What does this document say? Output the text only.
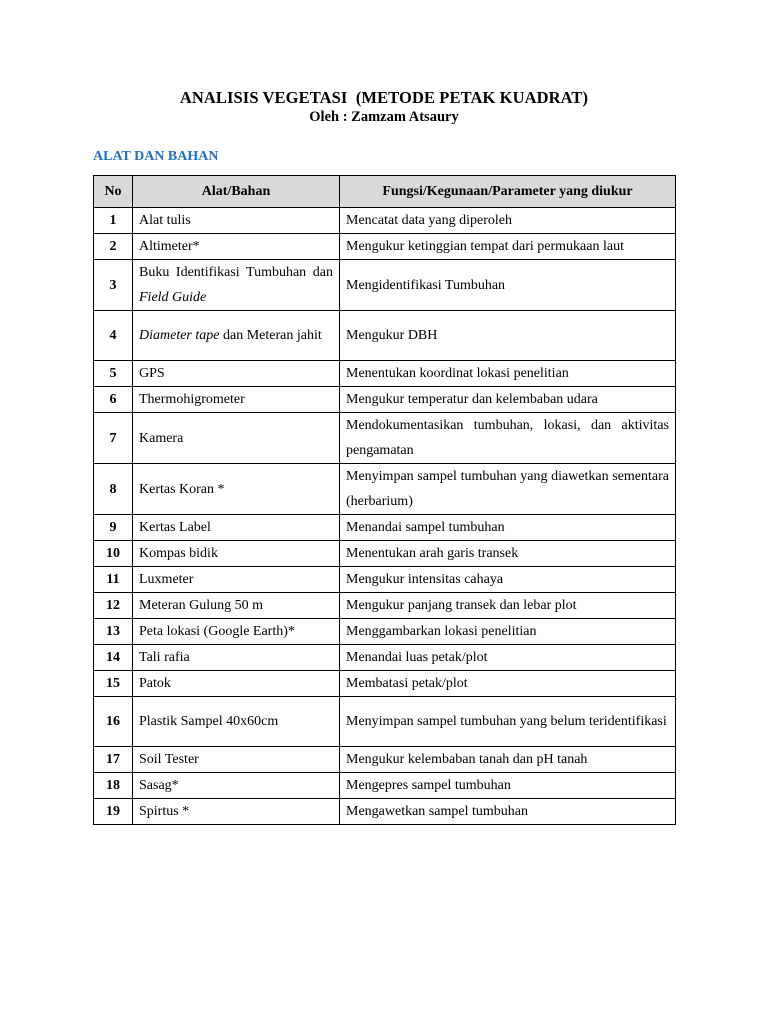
ANALISIS VEGETASI  (METODE PETAK KUADRAT)
Oleh : Zamzam Atsaury
ALAT DAN BAHAN
No	Alat/Bahan	Fungsi/Kegunaan/Parameter yang diukur
1	Alat tulis	Mencatat data yang diperoleh
2	Altimeter*	Mengukur ketinggian tempat dari permukaan laut
3	Buku Identifikasi Tumbuhan dan Field Guide	Mengidentifikasi Tumbuhan
4	Diameter tape dan Meteran jahit	Mengukur DBH
5	GPS	Menentukan koordinat lokasi penelitian
6	Thermohigrometer	Mengukur temperatur dan kelembaban udara
7	Kamera	Mendokumentasikan tumbuhan, lokasi, dan aktivitas pengamatan
8	Kertas Koran *	Menyimpan sampel tumbuhan yang diawetkan sementara (herbarium)
9	Kertas Label	Menandai sampel tumbuhan
10	Kompas bidik	Menentukan arah garis transek
11	Luxmeter	Mengukur intensitas cahaya
12	Meteran Gulung 50 m	Mengukur panjang transek dan lebar plot
13	Peta lokasi (Google Earth)*	Menggambarkan lokasi penelitian
14	Tali rafia	Menandai luas petak/plot
15	Patok	Membatasi petak/plot
16	Plastik Sampel 40x60cm	Menyimpan sampel tumbuhan yang belum teridentifikasi
17	Soil Tester	Mengukur kelembaban tanah dan pH tanah
18	Sasag*	Mengepres sampel tumbuhan
19	Spirtus *	Mengawetkan sampel tumbuhan
